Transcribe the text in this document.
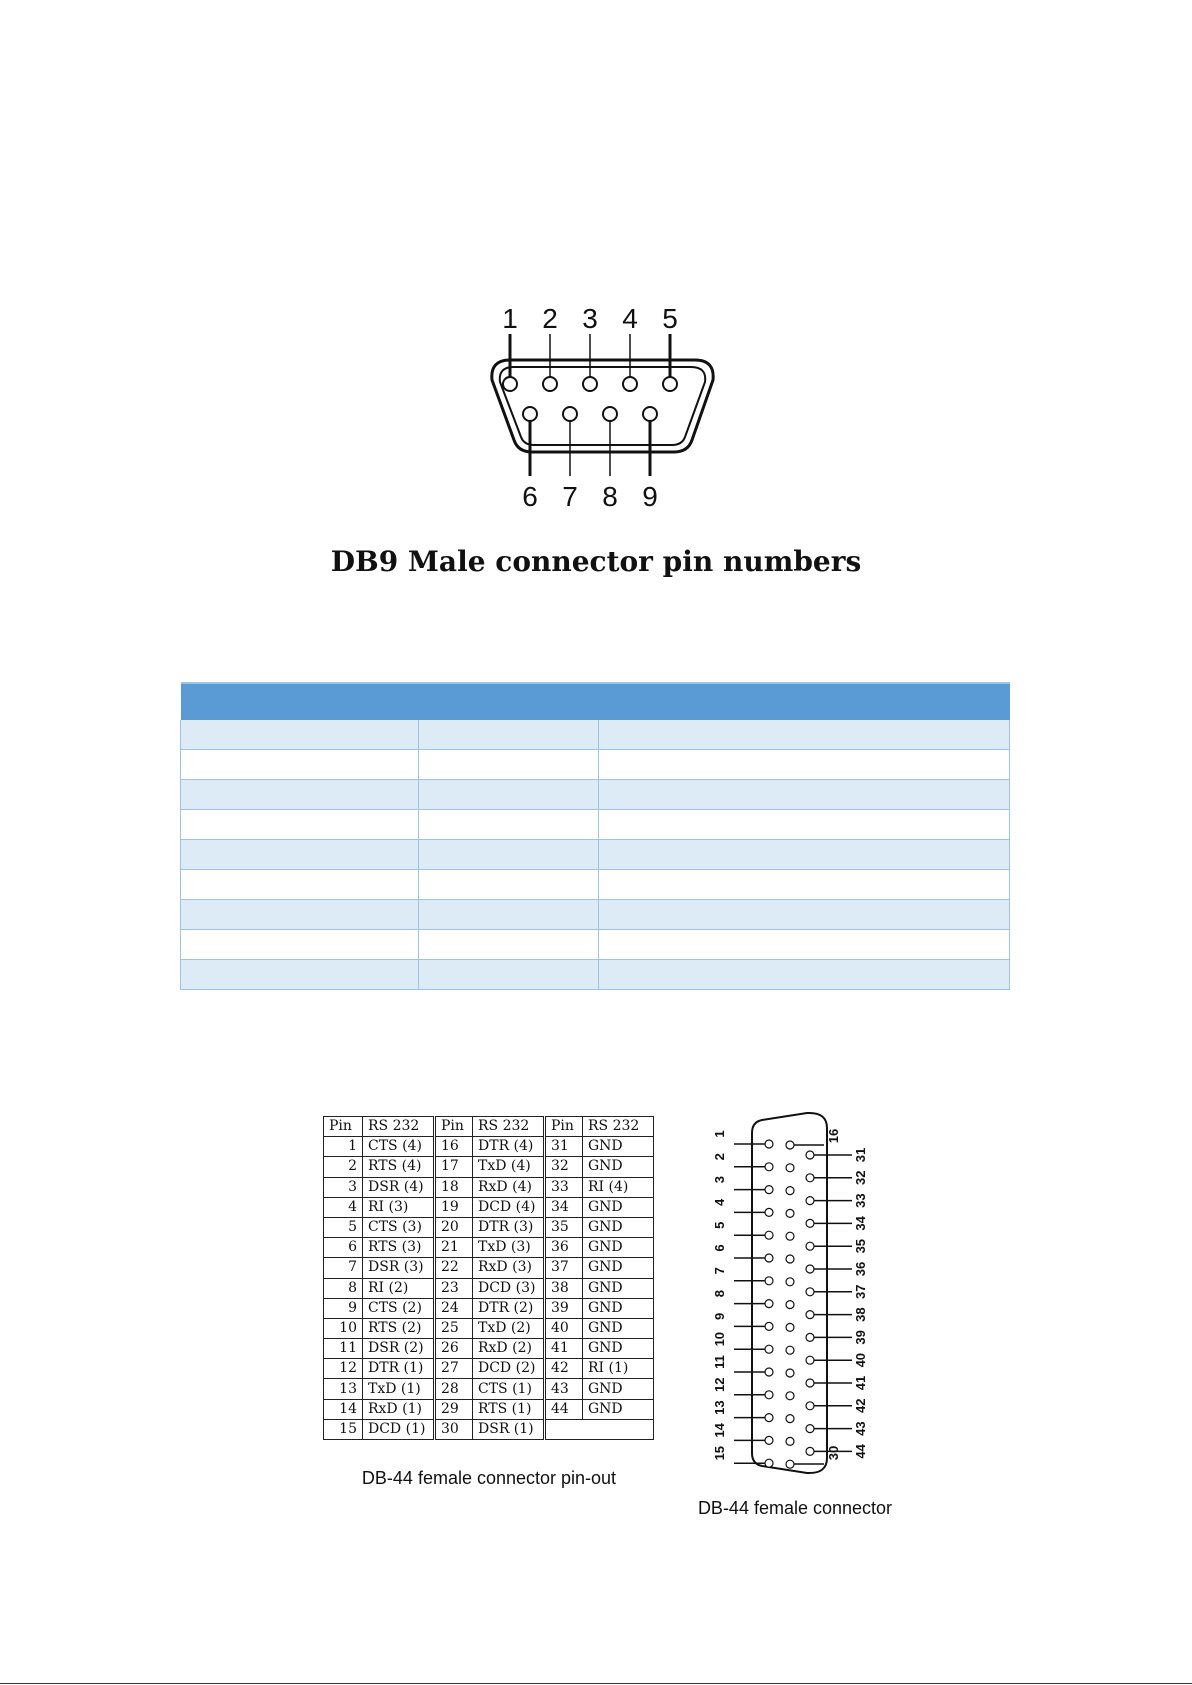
1 2 3 4 5
6 7 8 9
DB9 Male connector pin numbers

Pin	RS 232	Pin	RS 232	Pin	RS 232
1	CTS (4)	16	DTR (4)	31	GND
2	RTS (4)	17	TxD (4)	32	GND
3	DSR (4)	18	RxD (4)	33	RI (4)
4	RI (3)	19	DCD (4)	34	GND
5	CTS (3)	20	DTR (3)	35	GND
6	RTS (3)	21	TxD (3)	36	GND
7	DSR (3)	22	RxD (3)	37	GND
8	RI (2)	23	DCD (3)	38	GND
9	CTS (2)	24	DTR (2)	39	GND
10	RTS (2)	25	TxD (2)	40	GND
11	DSR (2)	26	RxD (2)	41	GND
12	DTR (1)	27	DCD (2)	42	RI (1)
13	TxD (1)	28	CTS (1)	43	GND
14	RxD (1)	29	RTS (1)	44	GND
15	DCD (1)	30	DSR (1)		
DB-44 female connector pin-out
1
2
3
4
5
6
7
8
9
10
11
12
13
14
15
16
30
31
32
33
34
35
36
37
38
39
40
41
42
43
44
DB-44 female connector
